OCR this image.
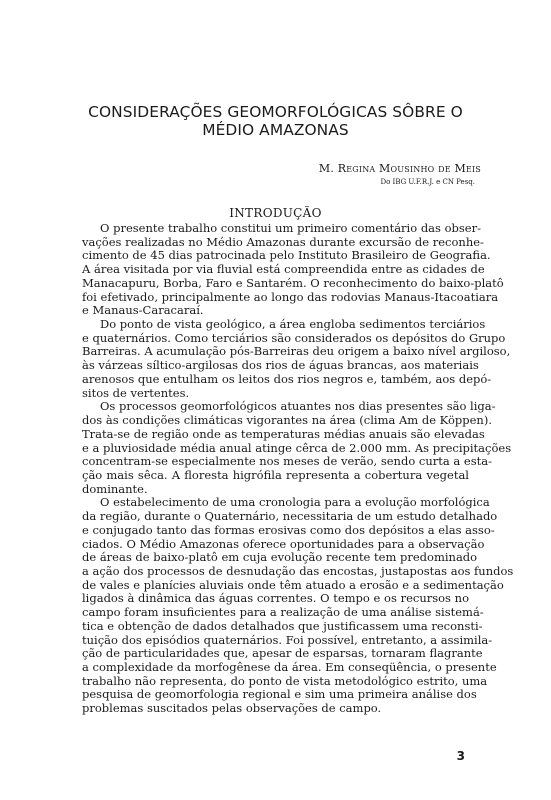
CONSIDERAÇÕES GEOMORFOLÓGICAS SÔBRE O
MÉDIO AMAZONAS
M. Regina Mousinho de Meis
Do IBG U.F.R.J. e CN Pesq.
INTRODUÇÃO
O presente trabalho constitui um primeiro comentário das obser-
vações realizadas no Médio Amazonas durante excursão de reconhe-
cimento de 45 dias patrocinada pelo Instituto Brasileiro de Geografia.
A área visitada por via fluvial está compreendida entre as cidades de
Manacapuru, Borba, Faro e Santarém. O reconhecimento do baixo-platô
foi efetivado, principalmente ao longo das rodovias Manaus-Itacoatiara
e Manaus-Caracaraí.
Do ponto de vista geológico, a área engloba sedimentos terciários
e quaternários. Como terciários são considerados os depósitos do Grupo
Barreiras. A acumulação pós-Barreiras deu origem a baixo nível argiloso,
às várzeas síltico-argilosas dos rios de águas brancas, aos materiais
arenosos que entulham os leitos dos rios negros e, também, aos depó-
sitos de vertentes.
Os processos geomorfológicos atuantes nos dias presentes são liga-
dos às condições climáticas vigorantes na área (clima Am de Köppen).
Trata-se de região onde as temperaturas médias anuais são elevadas
e a pluviosidade média anual atinge cêrca de 2.000 mm. As precipitações
concentram-se especialmente nos meses de verão, sendo curta a esta-
ção mais sêca. A floresta higrófila representa a cobertura vegetal
dominante.
O estabelecimento de uma cronologia para a evolução morfológica
da região, durante o Quaternário, necessitaria de um estudo detalhado
e conjugado tanto das formas erosivas como dos depósitos a elas asso-
ciados. O Médio Amazonas oferece oportunidades para a observação
de áreas de baixo-platô em cuja evolução recente tem predominado
a ação dos processos de desnudação das encostas, justapostas aos fundos
de vales e planícies aluviais onde têm atuado a erosão e a sedimentação
ligados à dinâmica das águas correntes. O tempo e os recursos no
campo foram insuficientes para a realização de uma análise sistemá-
tica e obtenção de dados detalhados que justificassem uma reconsti-
tuição dos episódios quaternários. Foi possível, entretanto, a assimila-
ção de particularidades que, apesar de esparsas, tornaram flagrante
a complexidade da morfogênese da área. Em conseqüência, o presente
trabalho não representa, do ponto de vista metodológico estrito, uma
pesquisa de geomorfologia regional e sim uma primeira análise dos
problemas suscitados pelas observações de campo.
3
